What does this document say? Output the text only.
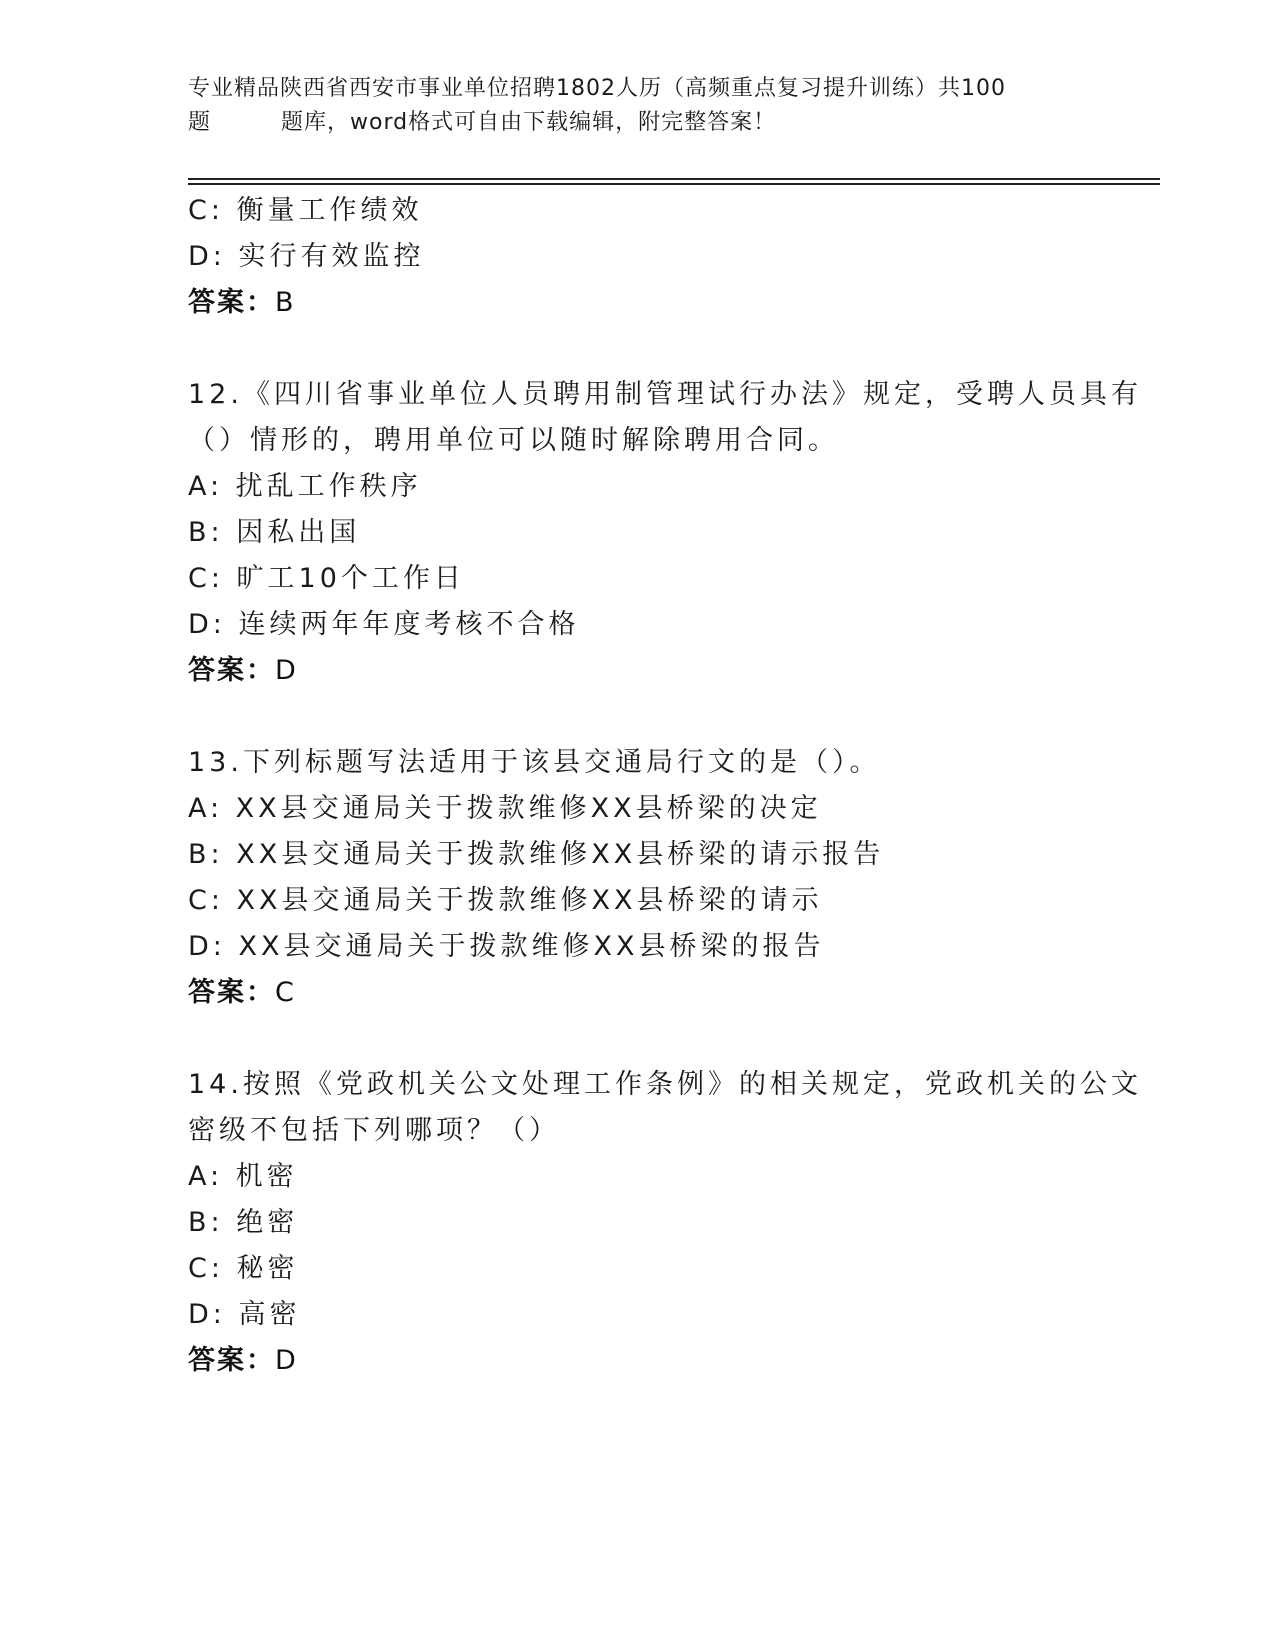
专业精品陕西省西安市事业单位招聘1802人历（高频重点复习提升训练）共100
题	题库，word格式可自由下载编辑，附完整答案！
C: 衡量工作绩效
D: 实行有效监控
答案：B
12.《四川省事业单位人员聘用制管理试行办法》规定，受聘人员具有
（）情形的，聘用单位可以随时解除聘用合同。
A: 扰乱工作秩序
B: 因私出国
C: 旷工10个工作日
D: 连续两年年度考核不合格
答案：D
13.下列标题写法适用于该县交通局行文的是（）。
A: XX县交通局关于拨款维修XX县桥梁的决定
B: XX县交通局关于拨款维修XX县桥梁的请示报告
C: XX县交通局关于拨款维修XX县桥梁的请示
D: XX县交通局关于拨款维修XX县桥梁的报告
答案：C
14.按照《党政机关公文处理工作条例》的相关规定，党政机关的公文
密级不包括下列哪项？（）
A: 机密
B: 绝密
C: 秘密
D: 高密
答案：D
